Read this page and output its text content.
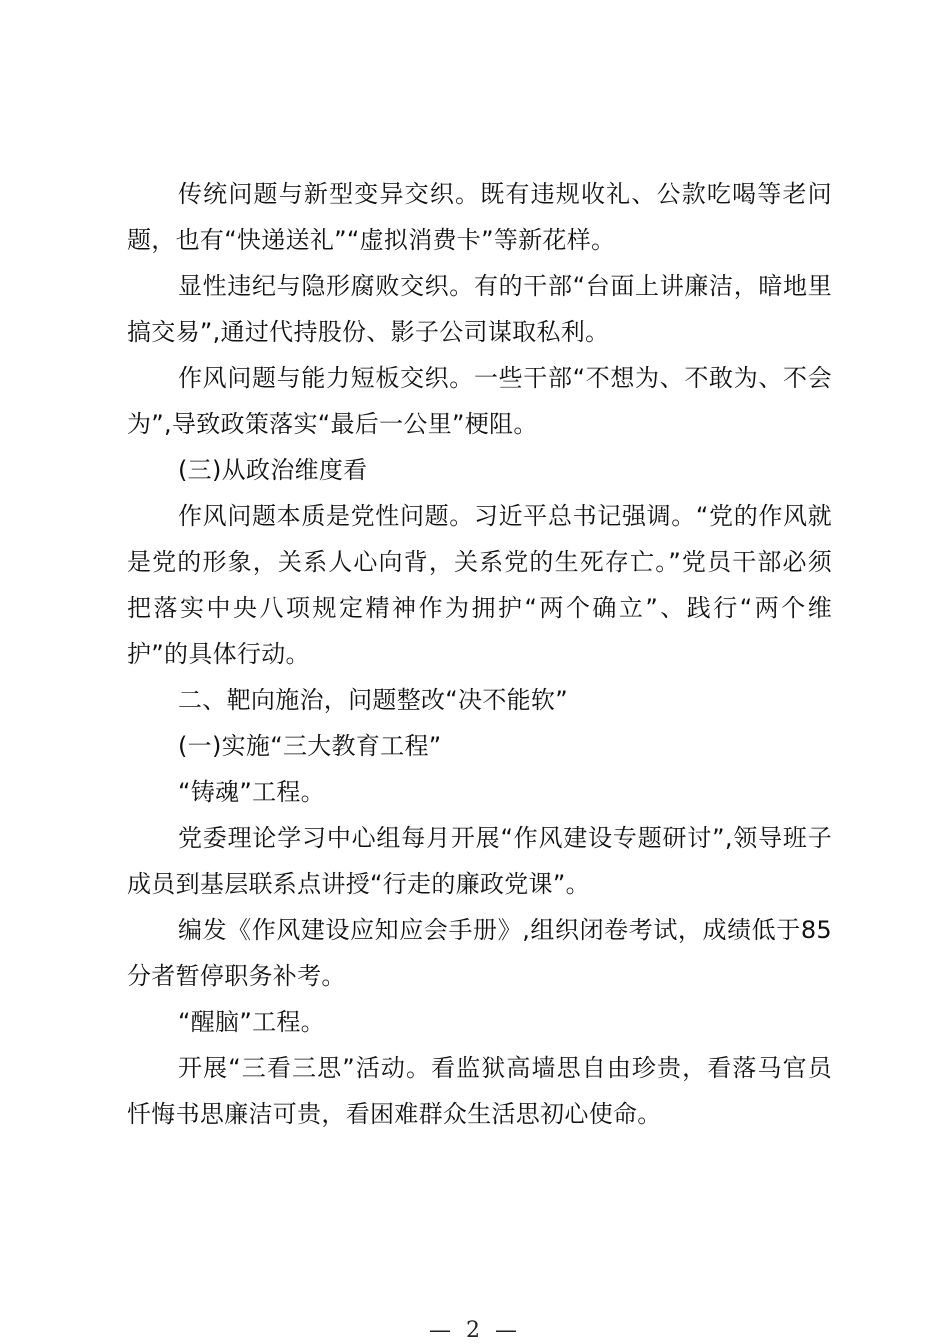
传统问题与新型变异交织。既有违规收礼、公款吃喝等老问题，也有“快递送礼”“虚拟消费卡”等新花样。

显性违纪与隐形腐败交织。有的干部“台面上讲廉洁，暗地里搞交易”,通过代持股份、影子公司谋取私利。

作风问题与能力短板交织。一些干部“不想为、不敢为、不会为”,导致政策落实“最后一公里”梗阻。

(三)从政治维度看

作风问题本质是党性问题。习近平总书记强调。“党的作风就是党的形象，关系人心向背，关系党的生死存亡。”党员干部必须把落实中央八项规定精神作为拥护“两个确立”、践行“两个维护”的具体行动。

二、靶向施治，问题整改“决不能软”

(一)实施“三大教育工程”

“铸魂”工程。

党委理论学习中心组每月开展“作风建设专题研讨”,领导班子成员到基层联系点讲授“行走的廉政党课”。

编发《作风建设应知应会手册》,组织闭卷考试，成绩低于85分者暂停职务补考。

“醒脑”工程。

开展“三看三思”活动。看监狱高墙思自由珍贵，看落马官员忏悔书思廉洁可贵，看困难群众生活思初心使命。

— 2 —
